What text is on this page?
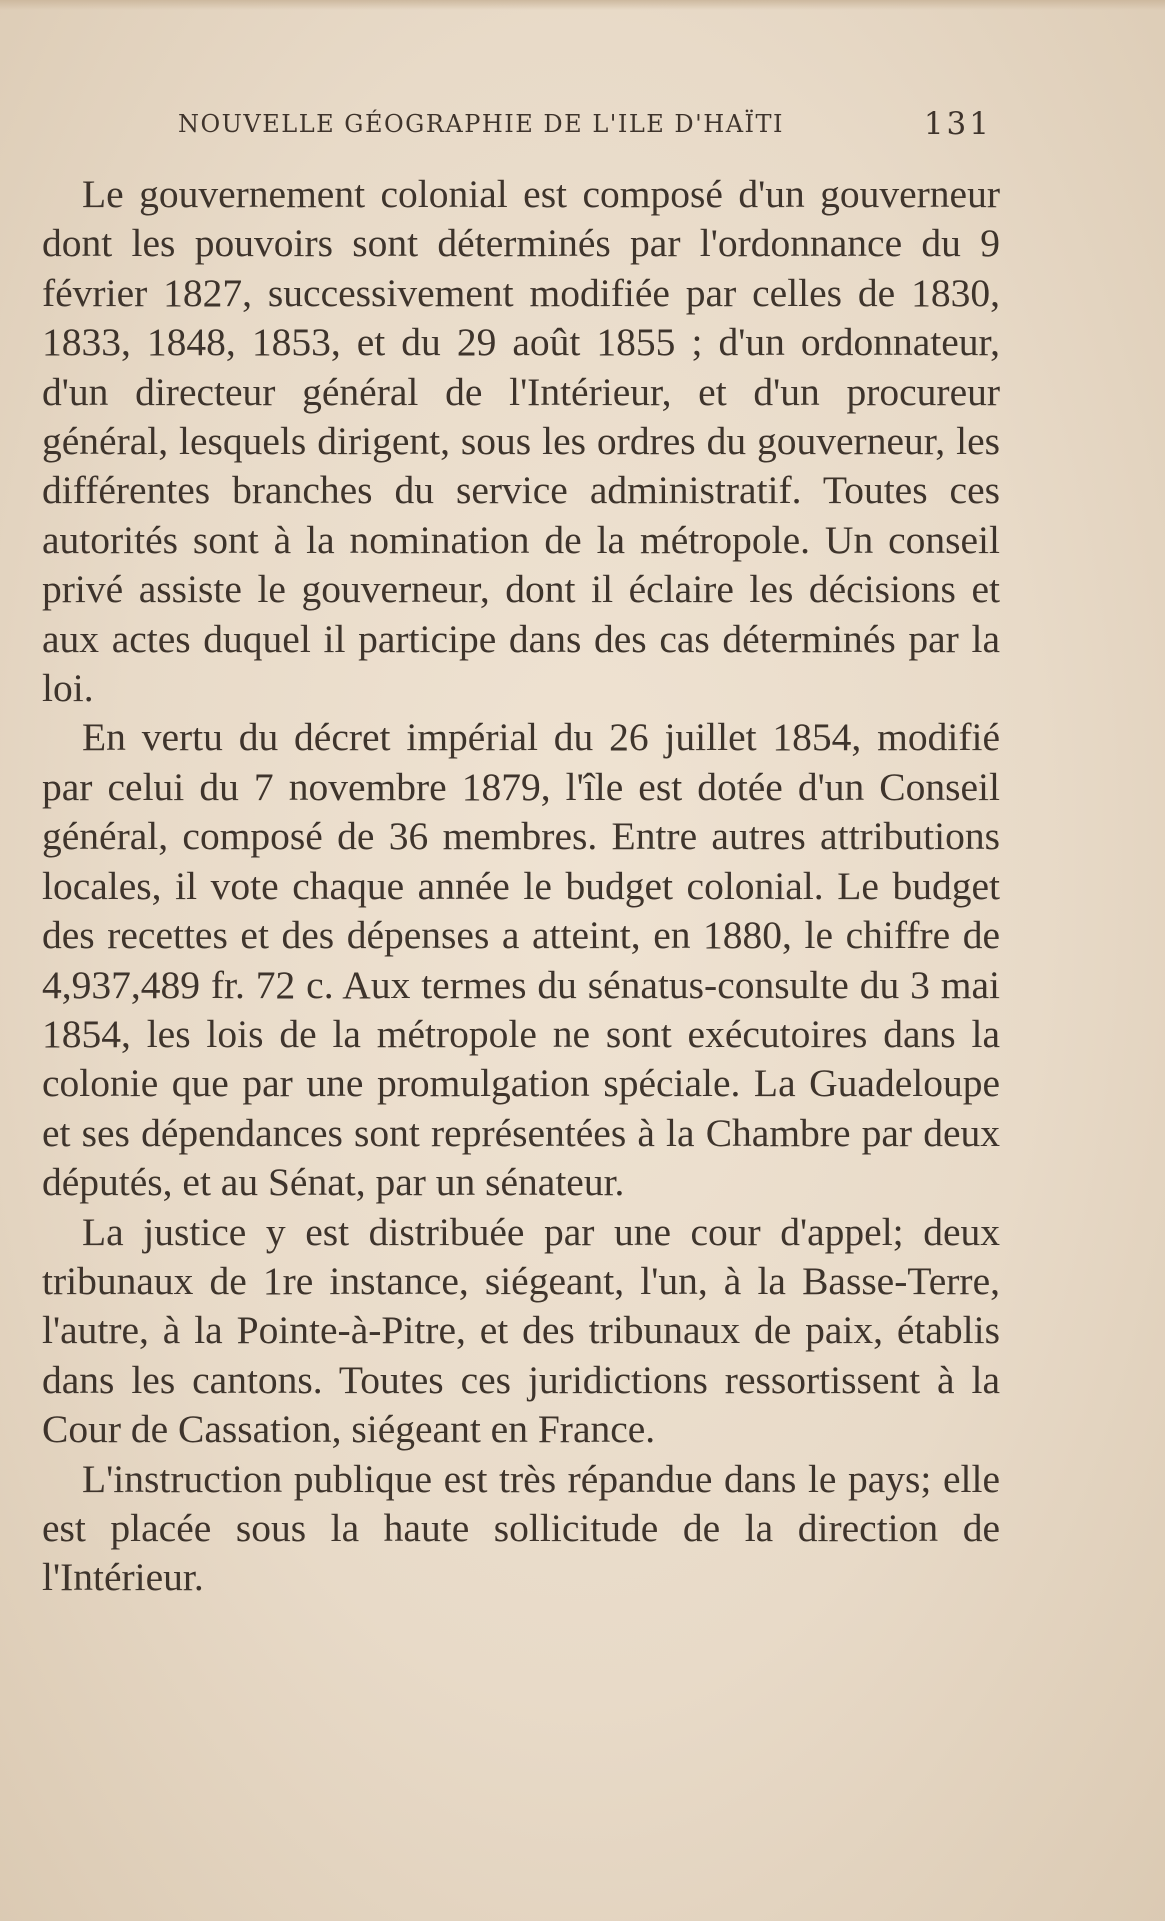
NOUVELLE GÉOGRAPHIE DE L'ILE D'HAÏTI	131

Le gouvernement colonial est composé d'un gouverneur dont les pouvoirs sont déterminés par l'ordonnance du 9 février 1827, successivement modifiée par celles de 1830, 1833, 1848, 1853, et du 29 août 1855 ; d'un ordonnateur, d'un directeur général de l'Intérieur, et d'un procureur général, lesquels dirigent, sous les ordres du gouverneur, les différentes branches du service administratif. Toutes ces autorités sont à la nomination de la métropole. Un conseil privé assiste le gouverneur, dont il éclaire les décisions et aux actes duquel il participe dans des cas déterminés par la loi.

En vertu du décret impérial du 26 juillet 1854, modifié par celui du 7 novembre 1879, l'île est dotée d'un Conseil général, composé de 36 membres. Entre autres attributions locales, il vote chaque année le budget colonial. Le budget des recettes et des dépenses a atteint, en 1880, le chiffre de 4,937,489 fr. 72 c. Aux termes du sénatus-consulte du 3 mai 1854, les lois de la métropole ne sont exécutoires dans la colonie que par une promulgation spéciale. La Guadeloupe et ses dépendances sont représentées à la Chambre par deux députés, et au Sénat, par un sénateur.

La justice y est distribuée par une cour d'appel; deux tribunaux de 1re instance, siégeant, l'un, à la Basse-Terre, l'autre, à la Pointe-à-Pitre, et des tribunaux de paix, établis dans les cantons. Toutes ces juridictions ressortissent à la Cour de Cassation, siégeant en France.

L'instruction publique est très répandue dans le pays; elle est placée sous la haute sollicitude de la direction de l'Intérieur.
